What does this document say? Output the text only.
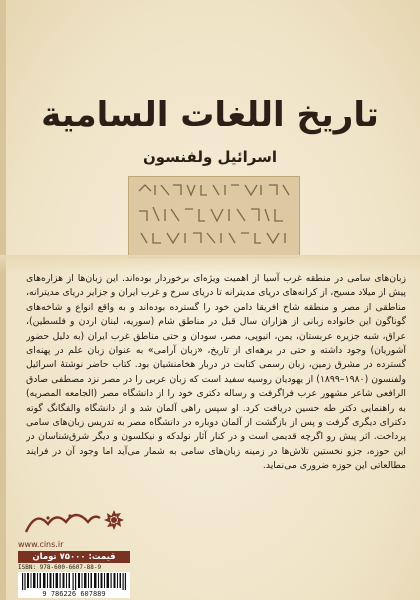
تاريخ اللغات السامية
اسرائیل ولفنسون
زبان‌های سامی در منطقه غرب آسیا از اهمیت ویژه‌ای برخوردار بوده‌اند. این زبان‌ها از هزاره‌های پیش از میلاد مسیح، از کرانه‌های دریای مدیترانه تا دریای سرخ و غرب ایران و جزایر دریای مدیترانه، مناطقی از مصر و منطقه شاخ افریقا دامن خود را گسترده بوده‌اند و به واقع انواع و شاخه‌های گوناگون این خانواده زبانی از هزاران سال قبل در مناطق شام (سوریه، لبنان اردن و فلسطین)، عراق، شبه جزیره عربستان، یمن، اتیوپی، مصر، سودان و حتی مناطق غرب ایران (به دلیل حضور آشوریان) وجود داشته و حتی در برهه‌ای از تاریخ، «زبان آرامی» به عنوان زبان علم در پهنه‌ای گسترده در مشرق زمین، زبان رسمی کتابت در دربار هخامنشیان بود. کتاب حاضر نوشتهٔ اسرائیل ولفنسون (۱۹۸۰–۱۸۹۹) از یهودیان روسیه سفید است که زبان عربی را در مصر نزد مصطفی صادق الرافعی شاعر مشهور عرب فراگرفت و رساله دکتری خود را از دانشگاه مصر (الجامعه المصریه) به راهنمایی دکتر طه حسین دریافت کرد. او سپس راهی آلمان شد و از دانشگاه والفگانگ گوته دکترای دیگری گرفت و پس از بازگشت از آلمان دوباره در دانشگاه مصر به تدریس زبان‌های سامی پرداخت. اثر پیش رو اگرچه قدیمی است و در کنار آثار نولدکه و نیکلسون و دیگر شرق‌شناسان در این حوزه، جزو نخستین تلاش‌ها در زمینه زبان‌های سامی به شمار می‌آید اما وجود آن در فرایند مطالعاتی این حوزه ضروری می‌نماید.
www.cins.ir
قیمت: ۷۵۰۰۰ تومان
ISBN: 978-600-6607-88-9
9 786226 607889
